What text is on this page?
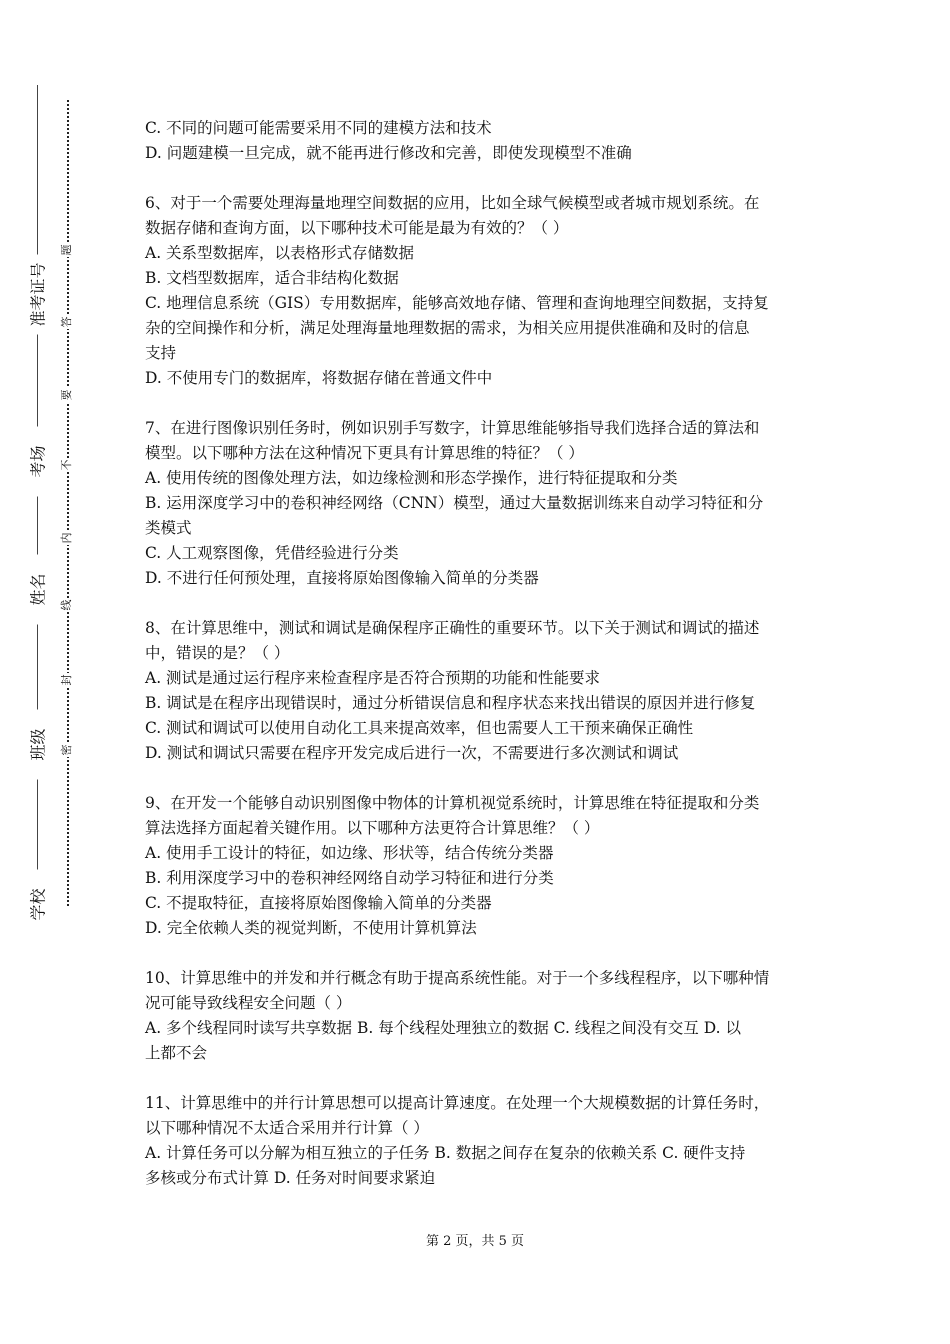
学校
班级
姓名
考场
准考证号
密
封
线
内
不
要
答
题
C. 不同的问题可能需要采用不同的建模方法和技术
D. 问题建模一旦完成，就不能再进行修改和完善，即使发现模型不准确
6、对于一个需要处理海量地理空间数据的应用，比如全球气候模型或者城市规划系统。在
数据存储和查询方面，以下哪种技术可能是最为有效的？（ ）
A. 关系型数据库，以表格形式存储数据
B. 文档型数据库，适合非结构化数据
C. 地理信息系统（GIS）专用数据库，能够高效地存储、管理和查询地理空间数据，支持复
杂的空间操作和分析，满足处理海量地理数据的需求，为相关应用提供准确和及时的信息
支持
D. 不使用专门的数据库，将数据存储在普通文件中
7、在进行图像识别任务时，例如识别手写数字，计算思维能够指导我们选择合适的算法和
模型。以下哪种方法在这种情况下更具有计算思维的特征？（ ）
A. 使用传统的图像处理方法，如边缘检测和形态学操作，进行特征提取和分类
B. 运用深度学习中的卷积神经网络（CNN）模型，通过大量数据训练来自动学习特征和分
类模式
C. 人工观察图像，凭借经验进行分类
D. 不进行任何预处理，直接将原始图像输入简单的分类器
8、在计算思维中，测试和调试是确保程序正确性的重要环节。以下关于测试和调试的描述
中，错误的是？（ ）
A. 测试是通过运行程序来检查程序是否符合预期的功能和性能要求
B. 调试是在程序出现错误时，通过分析错误信息和程序状态来找出错误的原因并进行修复
C. 测试和调试可以使用自动化工具来提高效率，但也需要人工干预来确保正确性
D. 测试和调试只需要在程序开发完成后进行一次，不需要进行多次测试和调试
9、在开发一个能够自动识别图像中物体的计算机视觉系统时，计算思维在特征提取和分类
算法选择方面起着关键作用。以下哪种方法更符合计算思维？（ ）
A. 使用手工设计的特征，如边缘、形状等，结合传统分类器
B. 利用深度学习中的卷积神经网络自动学习特征和进行分类
C. 不提取特征，直接将原始图像输入简单的分类器
D. 完全依赖人类的视觉判断，不使用计算机算法
10、计算思维中的并发和并行概念有助于提高系统性能。对于一个多线程程序，以下哪种情
况可能导致线程安全问题（ ）
A. 多个线程同时读写共享数据 B. 每个线程处理独立的数据 C. 线程之间没有交互 D. 以
上都不会
11、计算思维中的并行计算思想可以提高计算速度。在处理一个大规模数据的计算任务时，
以下哪种情况不太适合采用并行计算（ ）
A. 计算任务可以分解为相互独立的子任务 B. 数据之间存在复杂的依赖关系 C. 硬件支持
多核或分布式计算 D. 任务对时间要求紧迫
第 2 页，共 5 页
